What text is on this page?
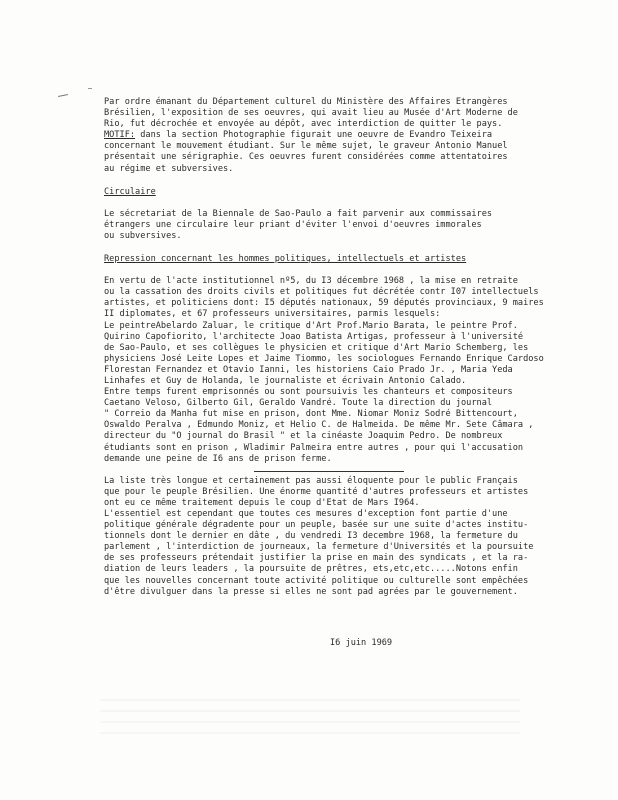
Par ordre émanant du Département culturel du Ministère des Affaires Etrangères
Brésilien, l'exposition de ses oeuvres, qui avait lieu au Musée d'Art Moderne de
Rio, fut décrochée et envoyée au dépôt, avec interdiction de quitter le pays.
MOTIF: dans la section Photographie figurait une oeuvre de Evandro Teixeira
concernant le mouvement étudiant. Sur le même sujet, le graveur Antonio Manuel
présentait une sérigraphie. Ces oeuvres furent considérées comme attentatoires
au régime et subversives.
Circulaire
Le sécretariat de la Biennale de Sao-Paulo a fait parvenir aux commissaires
étrangers une circulaire leur priant d'éviter l'envoi d'oeuvres immorales
ou subversives.
Repression concernant les hommes politiques, intellectuels et artistes
En vertu de l'acte institutionnel nº5, du I3 décembre 1968 , la mise en retraite
ou la cassation des droits civils et politiques fut décrétée contr I07 intellectuels
artistes, et politiciens dont: I5 députés nationaux, 59 députés provinciaux, 9 maires
II diplomates, et 67 professeurs universitaires, parmis lesquels:
Le peintreAbelardo Zaluar, le critique d'Art Prof.Mario Barata, le peintre Prof.
Quirino Capofiorito, l'architecte Joao Batista Artigas, professeur à l'université
de Sao-Paulo, et ses collègues le physicien et critique d'Art Mario Schemberg, les
physiciens José Leite Lopes et Jaime Tiommo, les sociologues Fernando Enrique Cardoso
Florestan Fernandez et Otavio Ianni, les historiens Caio Prado Jr. , Maria Yeda
Linhafes et Guy de Holanda, le journaliste et écrivain Antonio Calado.
Entre temps furent emprisonnés ou sont poursuivis les chanteurs et compositeurs
Caetano Veloso, Gilberto Gil, Geraldo Vandré. Toute la direction du journal
" Correio da Manha fut mise en prison, dont Mme. Niomar Moniz Sodré Bittencourt,
Oswaldo Peralva , Edmundo Moniz, et Helio C. de Halmeida. De même Mr. Sete Câmara ,
directeur du "O journal do Brasil " et la cinéaste Joaquim Pedro. De nombreux
étudiants sont en prison , Wladimir Palmeira entre autres , pour qui l'accusation
demande une peine de I6 ans de prison ferme.
La liste très longue et certainement pas aussi éloquente pour le public Français
que pour le peuple Brésilien. Une énorme quantité d'autres professeurs et artistes
ont eu ce même traitement depuis le coup d'Etat de Mars I964.
L'essentiel est cependant que toutes ces mesures d'exception font partie d'une
politique générale dégradente pour un peuple, basée sur une suite d'actes institu-
tionnels dont le dernier en dâte , du vendredi I3 decembre 1968, la fermeture du
parlement , l'interdiction de journeaux, la fermeture d'Universités et la poursuite
de ses professeurs prétendait justifier la prise en main des syndicats , et la ra-
diation de leurs leaders , la poursuite de prêtres, ets,etc,etc.....Notons enfin
que les nouvelles concernant toute activité politique ou culturelle sont empêchées
d'être divulguer dans la presse si elles ne sont pad agrées par le gouvernement.
I6 juin 1969
